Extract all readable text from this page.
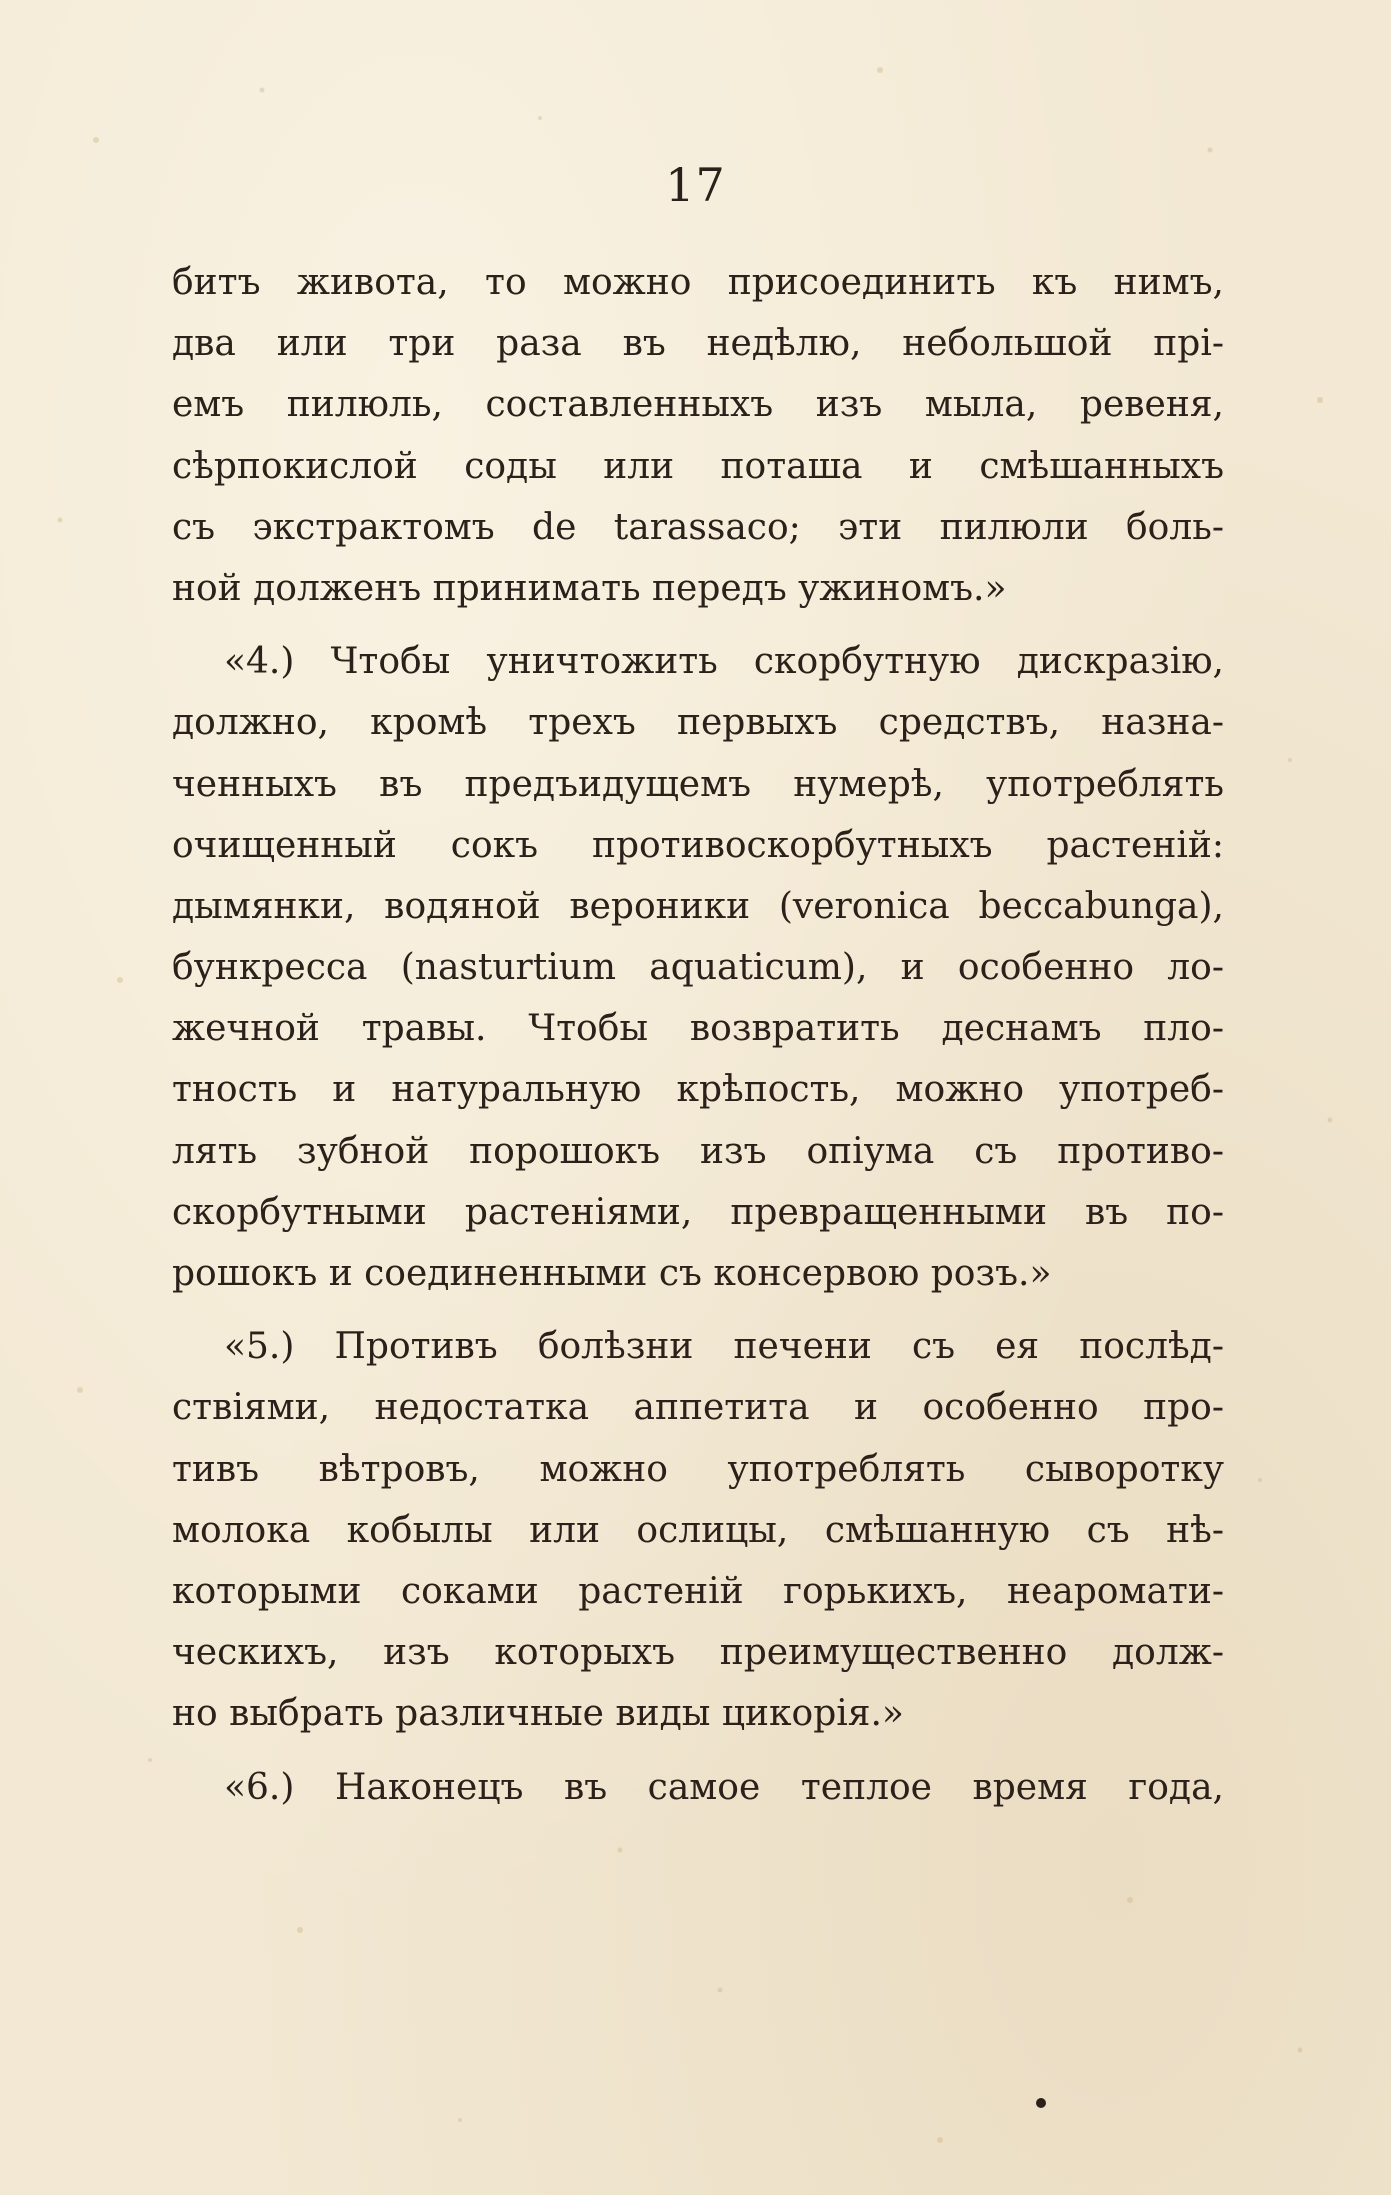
17
битъ живота, то можно присоединить къ нимъ,
два или три раза въ недѣлю, небольшой прі-
емъ пилюль, составленныхъ изъ мыла, ревеня,
сѣрпокислой соды или поташа и смѣшанныхъ
съ экстрактомъ de tarassaco; эти пилюли боль-
ной долженъ принимать передъ ужиномъ.»
«4.) Чтобы уничтожить скорбутную дискразію,
должно, кромѣ трехъ первыхъ средствъ, назна-
ченныхъ въ предъидущемъ нумерѣ, употреблять
очищенный сокъ противоскорбутныхъ растеній:
дымянки, водяной вероники (veronica beccabunga),
бункресса (nasturtium aquaticum), и особенно ло-
жечной травы. Чтобы возвратить деснамъ пло-
тность и натуральную крѣпость, можно употреб-
лять зубной порошокъ изъ опіума съ противо-
скорбутными растеніями, превращенными въ по-
рошокъ и соединенными съ консервою розъ.»
«5.) Противъ болѣзни печени съ ея послѣд-
ствіями, недостатка аппетита и особенно про-
тивъ вѣтровъ, можно употреблять сыворотку
молока кобылы или ослицы, смѣшанную съ нѣ-
которыми соками растеній горькихъ, неаромати-
ческихъ, изъ которыхъ преимущественно долж-
но выбрать различные виды цикорія.»
«6.) Наконецъ въ самое теплое время года,
